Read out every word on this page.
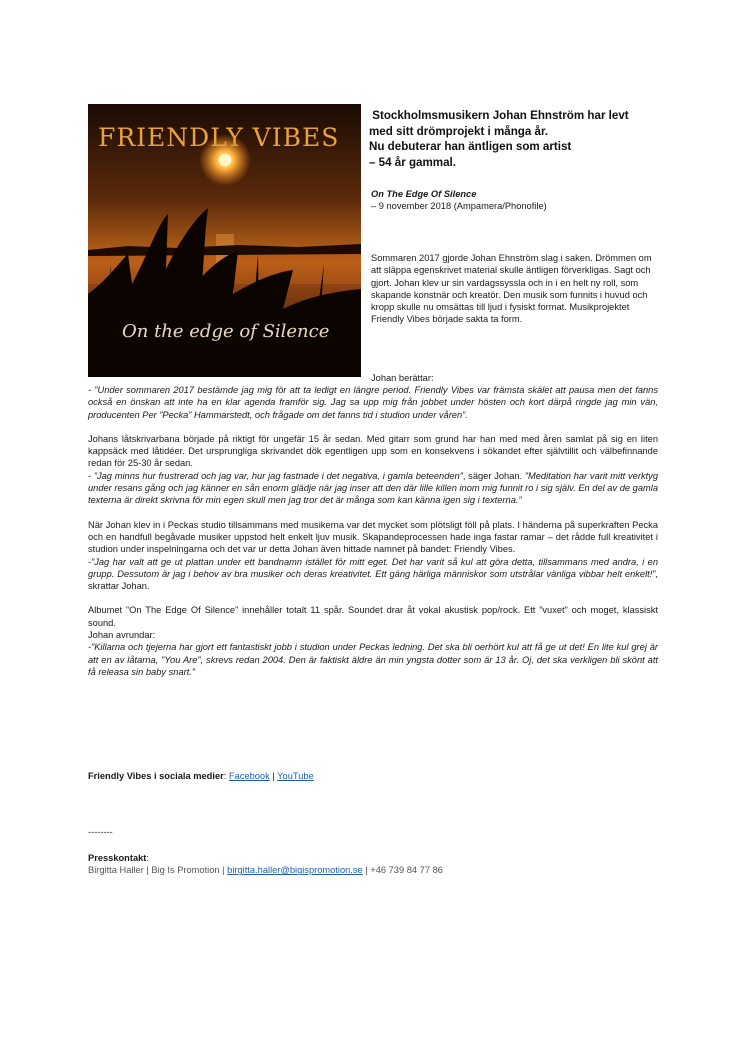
FRIENDLY VIBES
On the edge of Silence
Stockholmsmusikern Johan Ehnström har levt
med sitt drömprojekt i många år.
Nu debuterar han äntligen som artist
– 54 år gammal.
On The Edge Of Silence
– 9 november 2018 (Ampamera/Phonofile)
Sommaren 2017 gjorde Johan Ehnström slag i saken. Drömmen om att släppa egenskrivet material skulle äntligen förverkligas. Sagt och gjort. Johan klev ur sin vardagssyssla och in i en helt ny roll, som skapande konstnär och kreatör. Den musik som funnits i huvud och kropp skulle nu omsättas till ljud i fysiskt format. Musikprojektet Friendly Vibes började sakta ta form.
Johan berättar:

- ”Under sommaren 2017 bestämde jag mig för att ta ledigt en längre period. Friendly Vibes var främsta skälet att pausa men det fanns också en önskan att inte ha en klar agenda framför sig. Jag sa upp mig från jobbet under hösten och kort därpå ringde jag min vän, producenten Per ”Pecka” Hammarstedt, och frågade om det fanns tid i studion under våren”.

Johans låtskrivarbana började på riktigt för ungefär 15 år sedan. Med gitarr som grund har han med med åren samlat på sig en liten kappsäck med låtidéer. Det ursprungliga skrivandet dök egentligen upp som en konsekvens i sökandet efter självtillit och välbefinnande redan för 25-30 år sedan.

- ”Jag minns hur frustrerad och jag var, hur jag fastnade i det negativa, i gamla beteenden”, säger Johan. ”Meditation har varit mitt verktyg under resans gång och jag känner en sån enorm glädje när jag inser att den där lille killen inom mig funnit ro i sig själv. En del av de gamla texterna är direkt skrivna för min egen skull men jag tror det är många som kan känna igen sig i texterna.”

När Johan klev in i Peckas studio tillsammans med musikerna var det mycket som plötsligt föll på plats. I händerna på superkraften Pecka och en handfull begåvade musiker uppstod helt enkelt ljuv musik. Skapandeprocessen hade inga fastar ramar – det rådde full kreativitet i studion under inspelningarna och det var ur detta Johan även hittade namnet på bandet: Friendly Vibes.

-”Jag har valt att ge ut plattan under ett bandnamn istället för mitt eget. Det har varit så kul att göra detta, tillsammans med andra, i en grupp. Dessutom är jag i behov av bra musiker och deras kreativitet. Ett gäng härliga människor som utstrålar vänliga vibbar helt enkelt!”, skrattar Johan.

Albumet ”On The Edge Of Silence” innehåller totalt 11 spår. Soundet drar åt vokal akustisk pop/rock. Ett ”vuxet” och moget, klassiskt sound.

Johan avrundar:

-”Killarna och tjejerna har gjort ett fantastiskt jobb i studion under Peckas ledning. Det ska bli oerhört kul att få ge ut det! En lite kul grej är att en av låtarna, ”You Are”, skrevs redan 2004. Den är faktiskt äldre än min yngsta dotter som är 13 år. Oj, det ska verkligen bli skönt att få releasa sin baby snart.”

Friendly Vibes i sociala medier: Facebook | YouTube
--------
Presskontakt:
Birgitta Haller | Big Is Promotion | birgitta.haller@bigispromotion.se | +46 739 84 77 86
